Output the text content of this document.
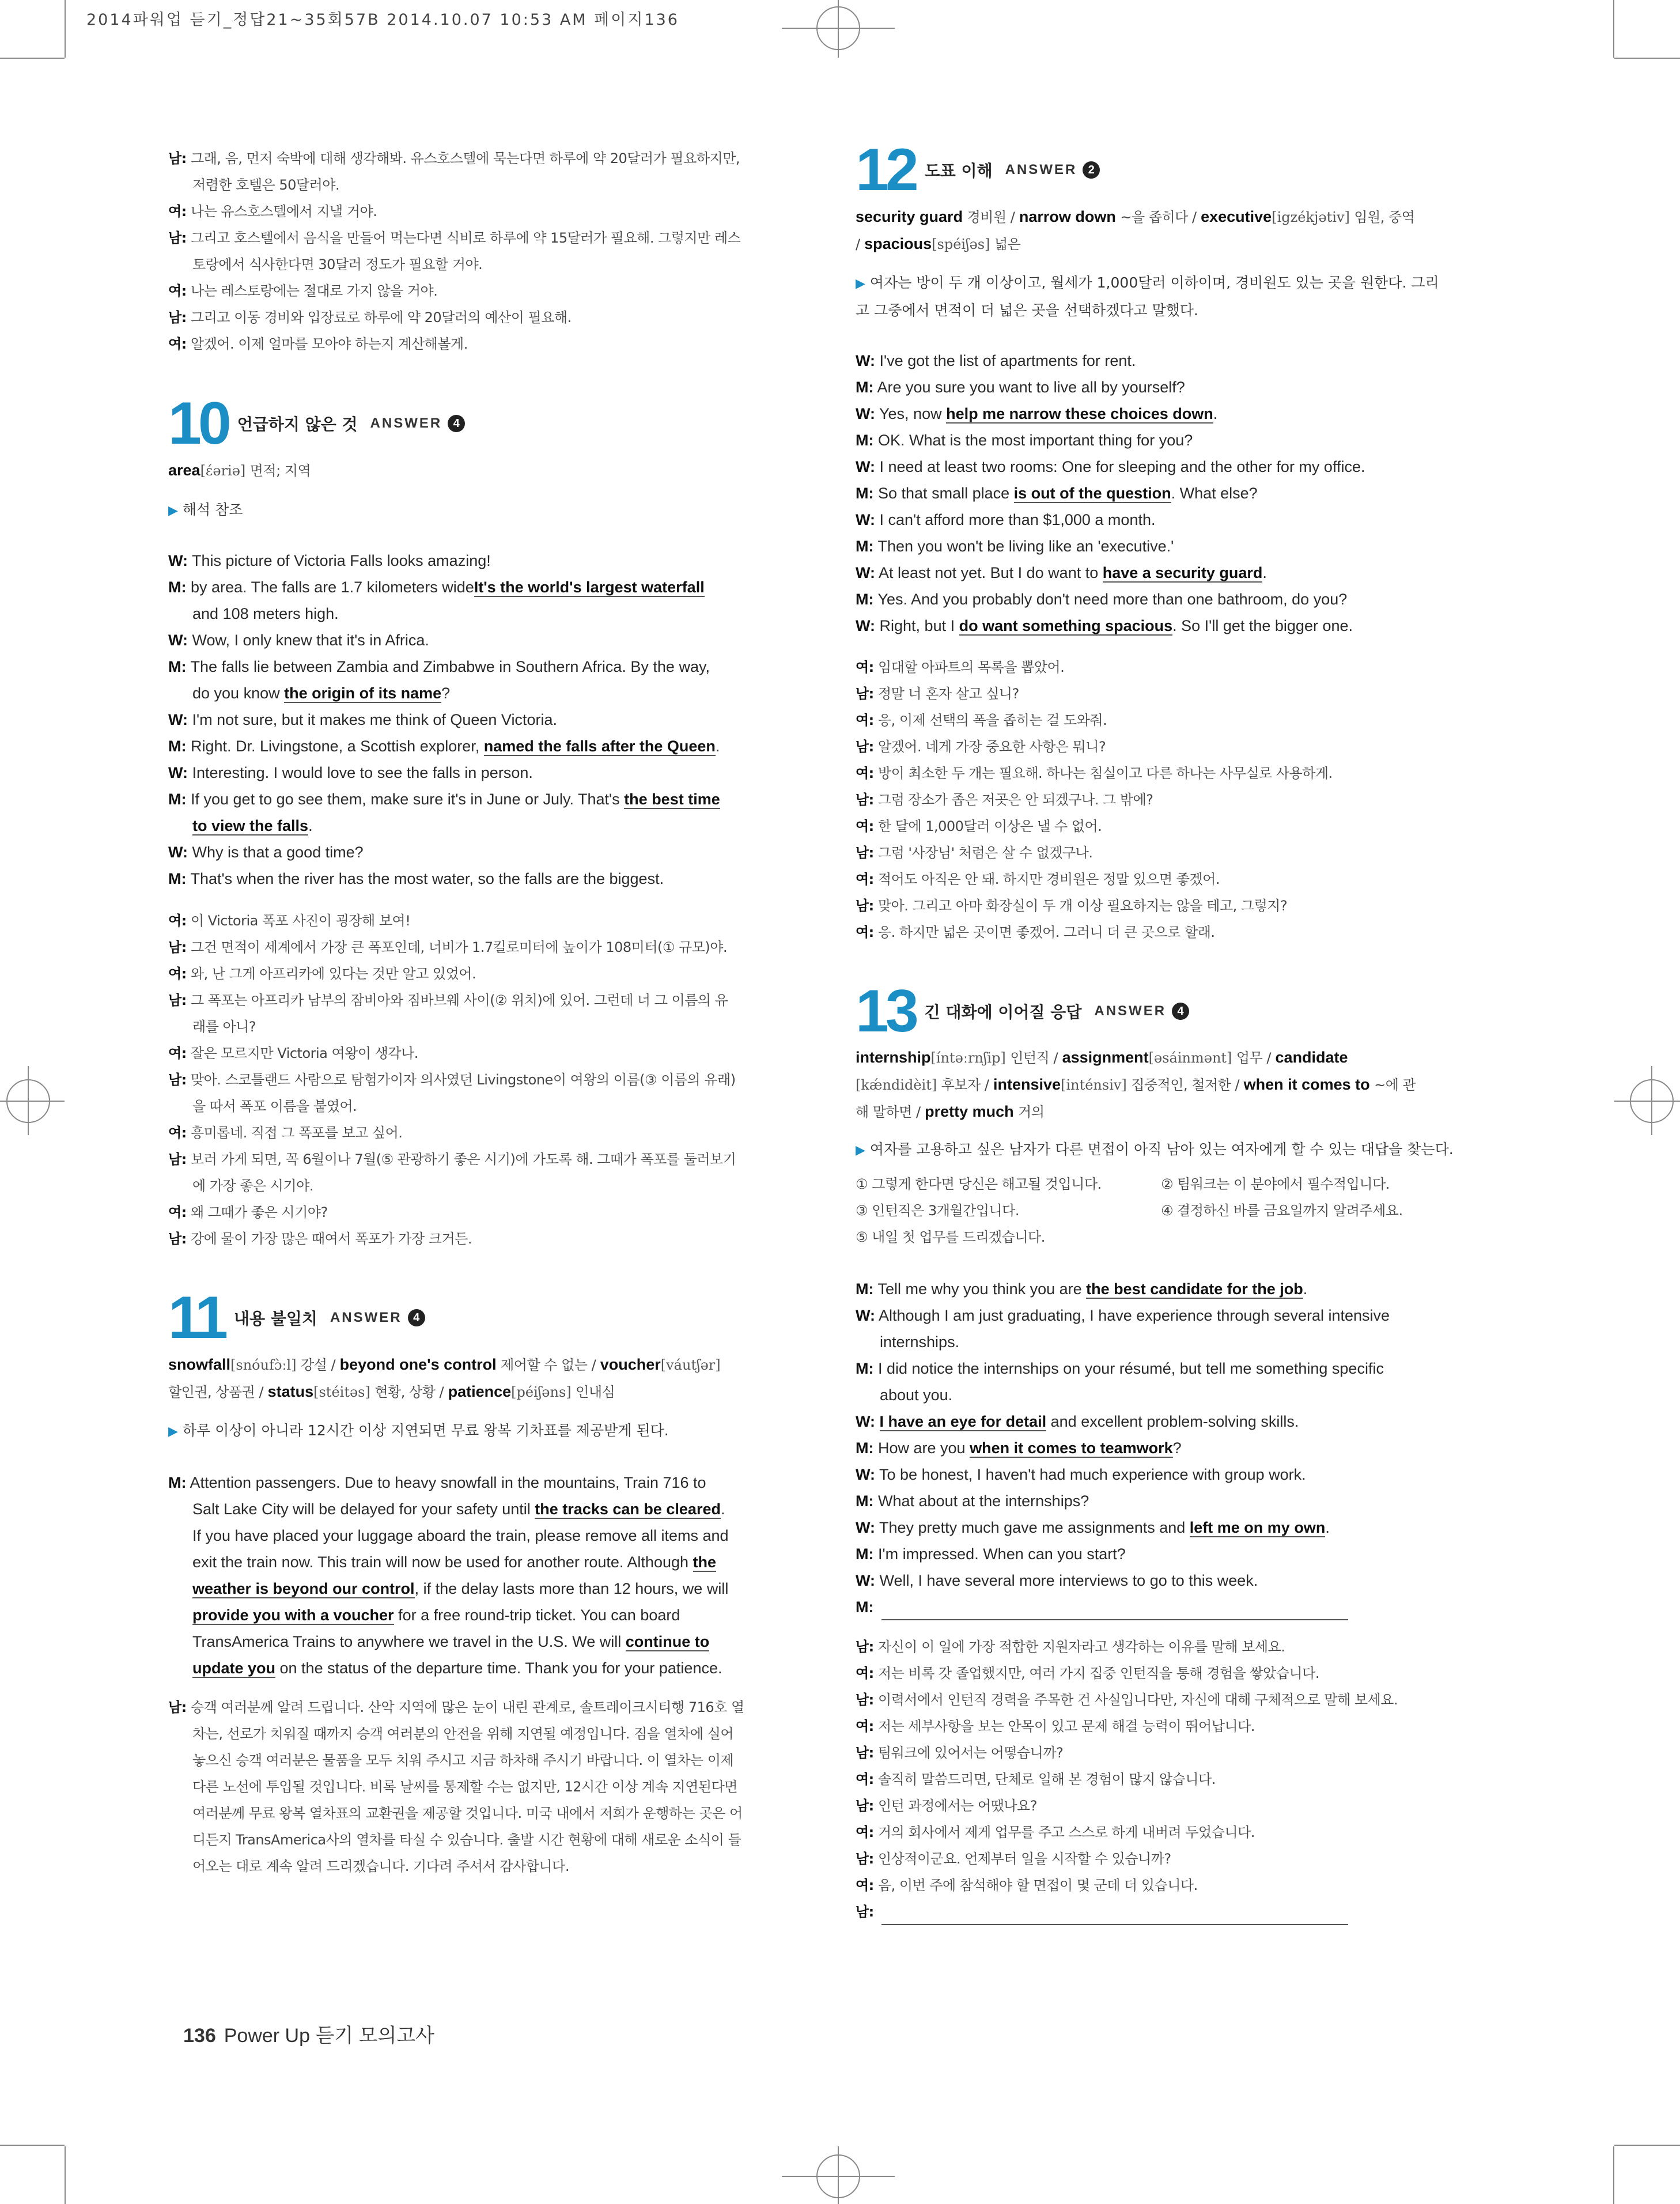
2014파워업 듣기_정답21~35회57B 2014.10.07 10:53 AM 페이지136
남: 그래, 음, 먼저 숙박에 대해 생각해봐. 유스호스텔에 묵는다면 하루에 약 20달러가 필요하지만,
저렴한 호텔은 50달러야.
여: 나는 유스호스텔에서 지낼 거야.
남: 그리고 호스텔에서 음식을 만들어 먹는다면 식비로 하루에 약 15달러가 필요해. 그렇지만 레스
토랑에서 식사한다면 30달러 정도가 필요할 거야.
여: 나는 레스토랑에는 절대로 가지 않을 거야.
남: 그리고 이동 경비와 입장료로 하루에 약 20달러의 예산이 필요해.
여: 알겠어. 이제 얼마를 모아야 하는지 계산해볼게.
10 언급하지 않은 것 ANSWER 4
area[ɛ́əriə] 면적; 지역
▶ 해석 참조
W: This picture of Victoria Falls looks amazing!
M: by area. The falls are 1.7 kilometers wideIt's the world's largest waterfall
and 108 meters high.
W: Wow, I only knew that it's in Africa.
M: The falls lie between Zambia and Zimbabwe in Southern Africa. By the way,
do you know the origin of its name?
W: I'm not sure, but it makes me think of Queen Victoria.
M: Right. Dr. Livingstone, a Scottish explorer, named the falls after the Queen.
W: Interesting. I would love to see the falls in person.
M: If you get to go see them, make sure it's in June or July. That's the best time
to view the falls.
W: Why is that a good time?
M: That's when the river has the most water, so the falls are the biggest.
여: 이 Victoria 폭포 사진이 굉장해 보여!
남: 그건 면적이 세계에서 가장 큰 폭포인데, 너비가 1.7킬로미터에 높이가 108미터(① 규모)야.
여: 와, 난 그게 아프리카에 있다는 것만 알고 있었어.
남: 그 폭포는 아프리카 남부의 잠비아와 짐바브웨 사이(② 위치)에 있어. 그런데 너 그 이름의 유
래를 아니?
여: 잘은 모르지만 Victoria 여왕이 생각나.
남: 맞아. 스코틀랜드 사람으로 탐험가이자 의사였던 Livingstone이 여왕의 이름(③ 이름의 유래)
을 따서 폭포 이름을 붙였어.
여: 흥미롭네. 직접 그 폭포를 보고 싶어.
남: 보러 가게 되면, 꼭 6월이나 7월(⑤ 관광하기 좋은 시기)에 가도록 해. 그때가 폭포를 둘러보기
에 가장 좋은 시기야.
여: 왜 그때가 좋은 시기야?
남: 강에 물이 가장 많은 때여서 폭포가 가장 크거든.
11 내용 불일치 ANSWER 4
snowfall[snóufɔ̀ːl] 강설 / beyond one's control 제어할 수 없는 / voucher[váutʃər]
할인권, 상품권 / status[stéitəs] 현황, 상황 / patience[péiʃəns] 인내심
▶ 하루 이상이 아니라 12시간 이상 지연되면 무료 왕복 기차표를 제공받게 된다.
M: Attention passengers. Due to heavy snowfall in the mountains, Train 716 to
Salt Lake City will be delayed for your safety until the tracks can be cleared.
If you have placed your luggage aboard the train, please remove all items and
exit the train now. This train will now be used for another route. Although the
weather is beyond our control, if the delay lasts more than 12 hours, we will
provide you with a voucher for a free round-trip ticket. You can board
TransAmerica Trains to anywhere we travel in the U.S. We will continue to
update you on the status of the departure time. Thank you for your patience.
남: 승객 여러분께 알려 드립니다. 산악 지역에 많은 눈이 내린 관계로, 솔트레이크시티행 716호 열
차는, 선로가 치워질 때까지 승객 여러분의 안전을 위해 지연될 예정입니다. 짐을 열차에 실어
놓으신 승객 여러분은 물품을 모두 치워 주시고 지금 하차해 주시기 바랍니다. 이 열차는 이제
다른 노선에 투입될 것입니다. 비록 날씨를 통제할 수는 없지만, 12시간 이상 계속 지연된다면
여러분께 무료 왕복 열차표의 교환권을 제공할 것입니다. 미국 내에서 저희가 운행하는 곳은 어
디든지 TransAmerica사의 열차를 타실 수 있습니다. 출발 시간 현황에 대해 새로운 소식이 들
어오는 대로 계속 알려 드리겠습니다. 기다려 주셔서 감사합니다.
136 Power Up 듣기 모의고사
12 도표 이해 ANSWER 2
security guard 경비원 / narrow down ~을 좁히다 / executive[igzékjətiv] 임원, 중역
/ spacious[spéiʃəs] 넓은
▶ 여자는 방이 두 개 이상이고, 월세가 1,000달러 이하이며, 경비원도 있는 곳을 원한다. 그리
고 그중에서 면적이 더 넓은 곳을 선택하겠다고 말했다.
W: I've got the list of apartments for rent.
M: Are you sure you want to live all by yourself?
W: Yes, now help me narrow these choices down.
M: OK. What is the most important thing for you?
W: I need at least two rooms: One for sleeping and the other for my office.
M: So that small place is out of the question. What else?
W: I can't afford more than $1,000 a month.
M: Then you won't be living like an 'executive.'
W: At least not yet. But I do want to have a security guard.
M: Yes. And you probably don't need more than one bathroom, do you?
W: Right, but I do want something spacious. So I'll get the bigger one.
여: 임대할 아파트의 목록을 뽑았어.
남: 정말 너 혼자 살고 싶니?
여: 응, 이제 선택의 폭을 좁히는 걸 도와줘.
남: 알겠어. 네게 가장 중요한 사항은 뭐니?
여: 방이 최소한 두 개는 필요해. 하나는 침실이고 다른 하나는 사무실로 사용하게.
남: 그럼 장소가 좁은 저곳은 안 되겠구나. 그 밖에?
여: 한 달에 1,000달러 이상은 낼 수 없어.
남: 그럼 '사장님' 처럼은 살 수 없겠구나.
여: 적어도 아직은 안 돼. 하지만 경비원은 정말 있으면 좋겠어.
남: 맞아. 그리고 아마 화장실이 두 개 이상 필요하지는 않을 테고, 그렇지?
여: 응. 하지만 넓은 곳이면 좋겠어. 그러니 더 큰 곳으로 할래.
13 긴 대화에 이어질 응답 ANSWER 4
internship[íntəːrnʃip] 인턴직 / assignment[əsáinmənt] 업무 / candidate
[kǽndidèit] 후보자 / intensive[inténsiv] 집중적인, 철저한 / when it comes to ~에 관
해 말하면 / pretty much 거의
▶ 여자를 고용하고 싶은 남자가 다른 면접이 아직 남아 있는 여자에게 할 수 있는 대답을 찾는다.
① 그렇게 한다면 당신은 해고될 것입니다.	② 팀워크는 이 분야에서 필수적입니다.
③ 인턴직은 3개월간입니다.	④ 결정하신 바를 금요일까지 알려주세요.
⑤ 내일 첫 업무를 드리겠습니다.
M: Tell me why you think you are the best candidate for the job.
W: Although I am just graduating, I have experience through several intensive
internships.
M: I did notice the internships on your résumé, but tell me something specific
about you.
W: I have an eye for detail and excellent problem-solving skills.
M: How are you when it comes to teamwork?
W: To be honest, I haven't had much experience with group work.
M: What about at the internships?
W: They pretty much gave me assignments and left me on my own.
M: I'm impressed. When can you start?
W: Well, I have several more interviews to go to this week.
M:
남: 자신이 이 일에 가장 적합한 지원자라고 생각하는 이유를 말해 보세요.
여: 저는 비록 갓 졸업했지만, 여러 가지 집중 인턴직을 통해 경험을 쌓았습니다.
남: 이력서에서 인턴직 경력을 주목한 건 사실입니다만, 자신에 대해 구체적으로 말해 보세요.
여: 저는 세부사항을 보는 안목이 있고 문제 해결 능력이 뛰어납니다.
남: 팀워크에 있어서는 어떻습니까?
여: 솔직히 말씀드리면, 단체로 일해 본 경험이 많지 않습니다.
남: 인턴 과정에서는 어땠나요?
여: 거의 회사에서 제게 업무를 주고 스스로 하게 내버려 두었습니다.
남: 인상적이군요. 언제부터 일을 시작할 수 있습니까?
여: 음, 이번 주에 참석해야 할 면접이 몇 군데 더 있습니다.
남:
